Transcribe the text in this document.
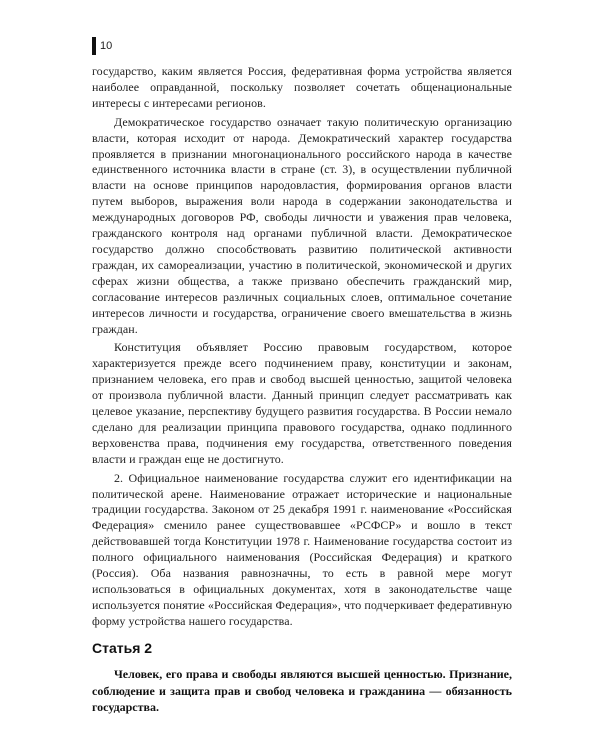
10

государство, каким является Россия, федеративная форма устройства является наиболее оправданной, поскольку позволяет сочетать общенациональные интересы с интересами регионов.

Демократическое государство означает такую политическую организацию власти, которая исходит от народа. Демократический характер государства проявляется в признании многонационального российского народа в качестве единственного источника власти в стране (ст. 3), в осуществлении публичной власти на основе принципов народовластия, формирования органов власти путем выборов, выражения воли народа в содержании законодательства и международных договоров РФ, свободы личности и уважения прав человека, гражданского контроля над органами публичной власти. Демократическое государство должно способствовать развитию политической активности граждан, их самореализации, участию в политической, экономической и других сферах жизни общества, а также призвано обеспечить гражданский мир, согласование интересов различных социальных слоев, оптимальное сочетание интересов личности и государства, ограничение своего вмешательства в жизнь граждан.

Конституция объявляет Россию правовым государством, которое характеризуется прежде всего подчинением праву, конституции и законам, признанием человека, его прав и свобод высшей ценностью, защитой человека от произвола публичной власти. Данный принцип следует рассматривать как целевое указание, перспективу будущего развития государства. В России немало сделано для реализации принципа правового государства, однако подлинного верховенства права, подчинения ему государства, ответственного поведения власти и граждан еще не достигнуто.

2. Официальное наименование государства служит его идентификации на политической арене. Наименование отражает исторические и национальные традиции государства. Законом от 25 декабря 1991 г. наименование «Российская Федерация» сменило ранее существовавшее «РСФСР» и вошло в текст действовавшей тогда Конституции 1978 г. Наименование государства состоит из полного официального наименования (Российская Федерация) и краткого (Россия). Оба названия равнозначны, то есть в равной мере могут использоваться в официальных документах, хотя в законодательстве чаще используется понятие «Российская Федерация», что подчеркивает федеративную форму устройства нашего государства.

Статья 2

Человек, его права и свободы являются высшей ценностью. Признание, соблюдение и защита прав и свобод человека и гражданина — обязанность государства.
